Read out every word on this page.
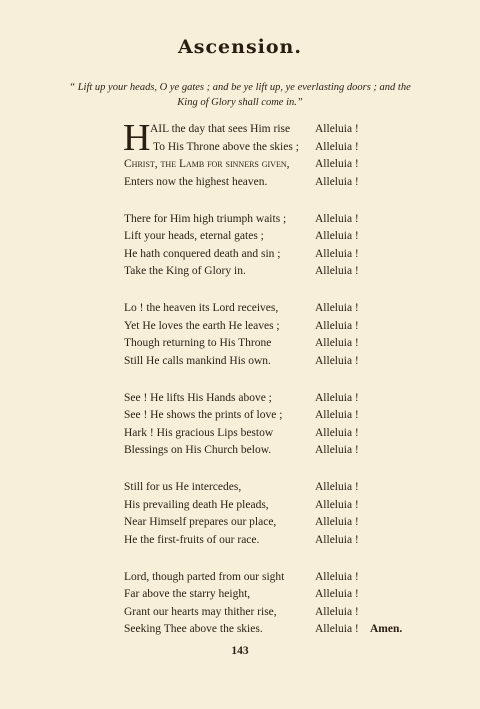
Ascension.
“ Lift up your heads, O ye gates ; and be ye lift up, ye everlasting doors ; and the King of Glory shall come in.”
H AIL the day that sees Him rise Alleluia !
To His Throne above the skies ; Alleluia !
Christ, the Lamb for sinners given, Alleluia !
Enters now the highest heaven.	Alleluia !
There for Him high triumph waits ;	Alleluia !
Lift your heads, eternal gates ;	Alleluia !
He hath conquered death and sin ;	Alleluia !
Take the King of Glory in.	Alleluia !
Lo ! the heaven its Lord receives,	Alleluia !
Yet He loves the earth He leaves ;	Alleluia !
Though returning to His Throne	Alleluia !
Still He calls mankind His own.	Alleluia !
See ! He lifts His Hands above ;	Alleluia !
See ! He shows the prints of love ;	Alleluia !
Hark ! His gracious Lips bestow	Alleluia !
Blessings on His Church below.	Alleluia !
Still for us He intercedes,	Alleluia !
His prevailing death He pleads,	Alleluia !
Near Himself prepares our place,	Alleluia !
He the first-fruits of our race.	Alleluia !
Lord, though parted from our sight	Alleluia !
Far above the starry height,	Alleluia !
Grant our hearts may thither rise,	Alleluia !
Seeking Thee above the skies.	Alleluia ! Amen.
143
